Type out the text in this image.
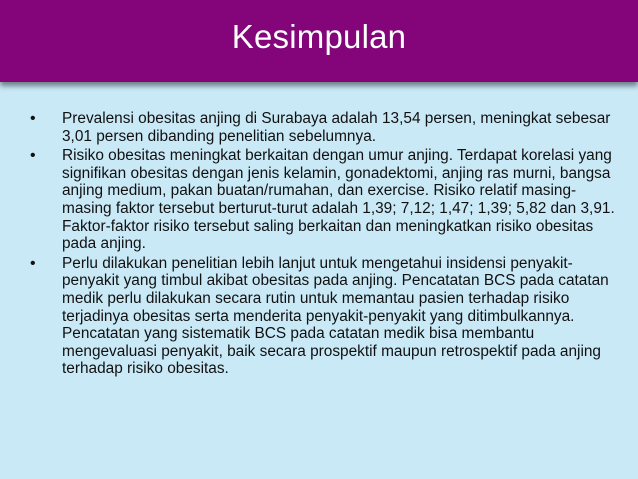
Kesimpulan
• Prevalensi obesitas anjing di Surabaya adalah 13,54 persen, meningkat sebesar 3,01 persen dibanding penelitian sebelumnya.
• Risiko obesitas meningkat berkaitan dengan umur anjing. Terdapat korelasi yang signifikan obesitas dengan jenis kelamin, gonadektomi, anjing ras murni, bangsa anjing medium, pakan buatan/rumahan, dan exercise. Risiko relatif masing-masing faktor tersebut berturut-turut adalah 1,39; 7,12; 1,47; 1,39; 5,82 dan 3,91. Faktor-faktor risiko tersebut saling berkaitan dan meningkatkan risiko obesitas pada anjing.
• Perlu dilakukan penelitian lebih lanjut untuk mengetahui insidensi penyakit-penyakit yang timbul akibat obesitas pada anjing. Pencatatan BCS pada catatan medik perlu dilakukan secara rutin untuk memantau pasien terhadap risiko terjadinya obesitas serta menderita penyakit-penyakit yang ditimbulkannya. Pencatatan yang sistematik BCS pada catatan medik bisa membantu mengevaluasi penyakit, baik secara prospektif maupun retrospektif pada anjing terhadap risiko obesitas.
